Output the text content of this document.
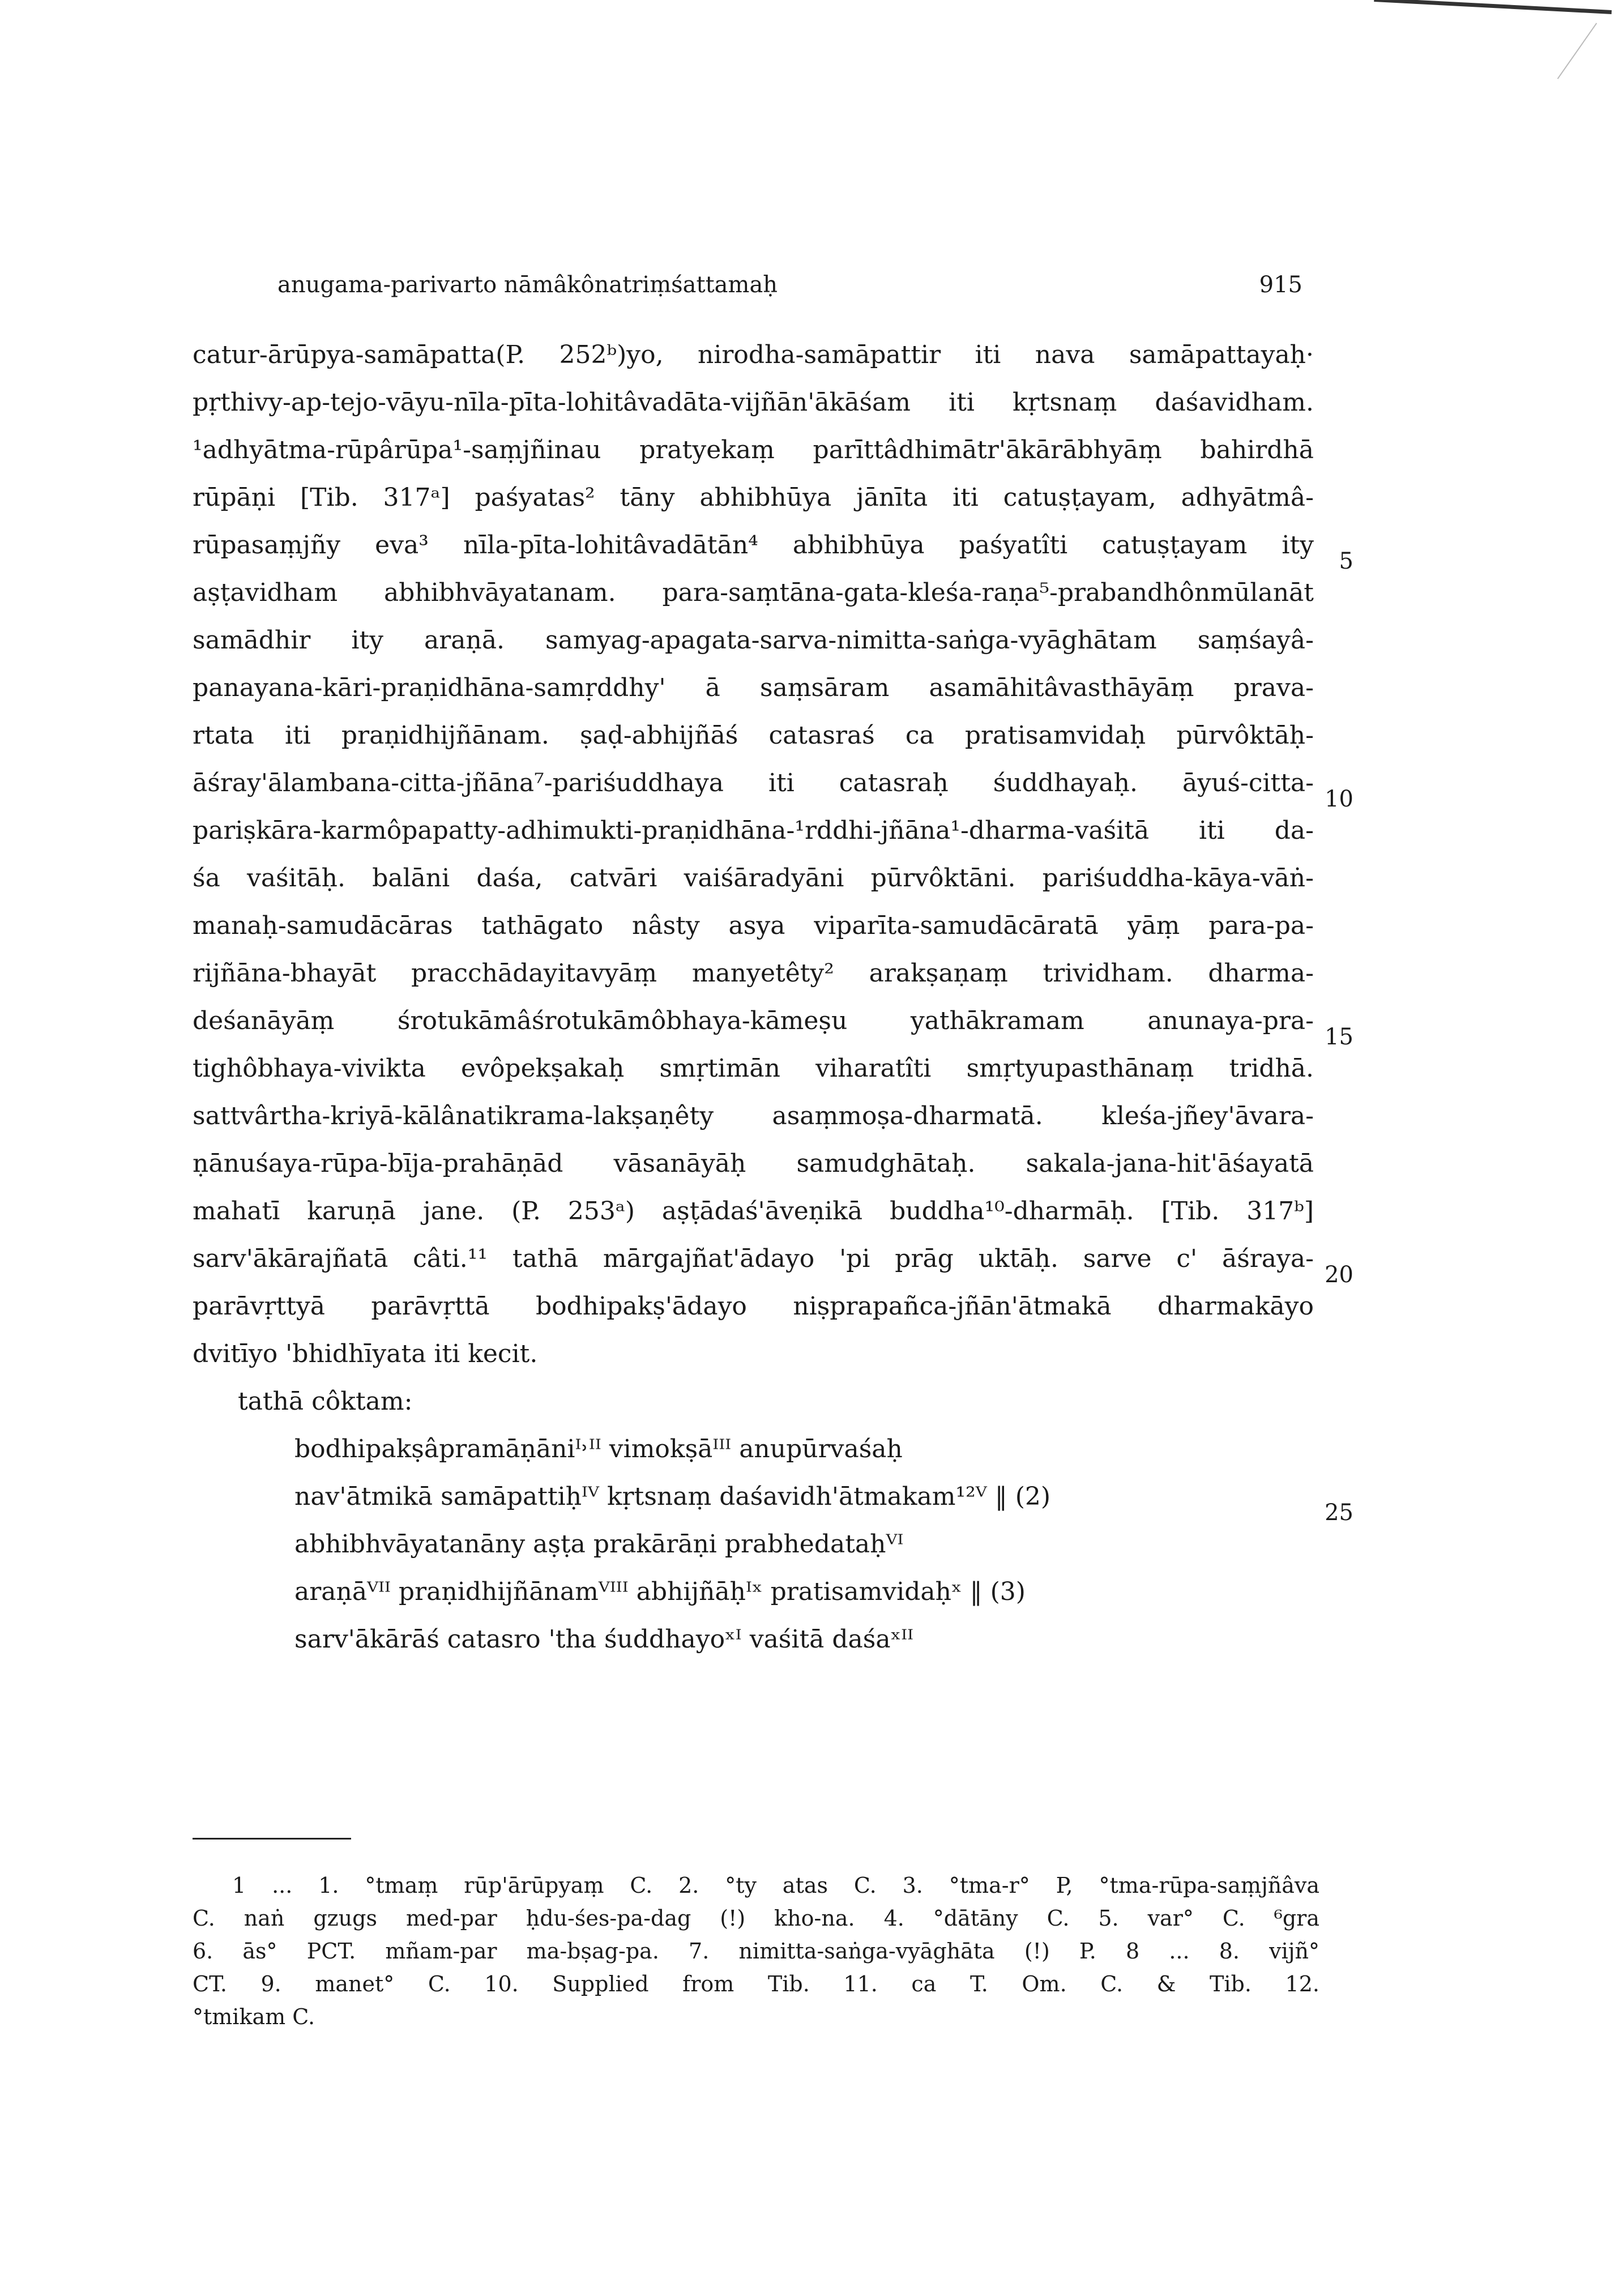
anugama-parivarto nāmâkônatriṃśattamaḥ	915
catur-ārūpya-samāpatta(P. 252ᵇ)yo, nirodha-samāpattir iti nava samāpattayaḥ·
pṛthivy-ap-tejo-vāyu-nīla-pīta-lohitâvadāta-vijñān'ākāśam iti kṛtsnaṃ daśavidham.
¹adhyātma-rūpârūpa¹-saṃjñinau pratyekaṃ parīttâdhimātr'ākārābhyāṃ bahirdhā
rūpāṇi [Tib. 317ᵃ] paśyatas² tāny abhibhūya jānīta iti catuṣṭayam, adhyātmâ-
rūpasaṃjñy eva³ nīla-pīta-lohitâvadātān⁴ abhibhūya paśyatîti catuṣṭayam ity
aṣṭavidham abhibhvāyatanam. para-saṃtāna-gata-kleśa-raṇa⁵-prabandhônmūlanāt
samādhir ity araṇā. samyag-apagata-sarva-nimitta-saṅga-vyāghātam saṃśayâ-
panayana-kāri-praṇidhāna-samṛddhy' ā saṃsāram asamāhitâvasthāyāṃ prava-
rtata iti praṇidhijñānam. ṣaḍ-abhijñāś catasraś ca pratisamvidaḥ pūrvôktāḥ-
āśray'ālambana-citta-jñāna⁷-pariśuddhaya iti catasraḥ śuddhayaḥ. āyuś-citta-
pariṣkāra-karmôpapatty-adhimukti-praṇidhāna-¹rddhi-jñāna¹-dharma-vaśitā iti da-
śa vaśitāḥ. balāni daśa, catvāri vaiśāradyāni pūrvôktāni. pariśuddha-kāya-vāṅ-
manaḥ-samudācāras tathāgato nâsty asya viparīta-samudācāratā yāṃ para-pa-
rijñāna-bhayāt pracchādayitavyāṃ manyetêty² arakṣaṇaṃ trividham. dharma-
deśanāyāṃ śrotukāmâśrotukāmôbhaya-kāmeṣu yathākramam anunaya-pra-
tighôbhaya-vivikta evôpekṣakaḥ smṛtimān viharatîti smṛtyupasthānaṃ tridhā.
sattvârtha-kriyā-kālânatikrama-lakṣaṇêty asaṃmoṣa-dharmatā. kleśa-jñey'āvara-
ṇānuśaya-rūpa-bīja-prahāṇād vāsanāyāḥ samudghātaḥ. sakala-jana-hit'āśayatā
mahatī karuṇā jane. (P. 253ᵃ) aṣṭādaś'āveṇikā buddha¹⁰-dharmāḥ. [Tib. 317ᵇ]
sarv'ākārajñatā câti.¹¹ tathā mārgajñat'ādayo 'pi prāg uktāḥ. sarve c' āśraya-
parāvṛttyā parāvṛttā bodhipakṣ'ādayo niṣprapañca-jñān'ātmakā dharmakāyo
dvitīyo 'bhidhīyata iti kecit.
tathā côktam:
bodhipakṣâpramāṇāniᴵ˒ᴵᴵ vimokṣāᴵᴵᴵ anupūrvaśaḥ
nav'ātmikā samāpattiḥᴵⱽ kṛtsnaṃ daśavidh'ātmakam¹²ⱽ ‖ (2)
abhibhvāyatanāny aṣṭa prakārāṇi prabhedataḥⱽᴵ
araṇāⱽᴵᴵ praṇidhijñānamⱽᴵᴵᴵ abhijñāḥᴵˣ pratisamvidaḥˣ ‖ (3)
sarv'ākārāś catasro 'tha śuddhayoˣᴵ vaśitā daśaˣᴵᴵ
5
10
15
20
25
1 ... 1. °tmaṃ rūp'ārūpyaṃ C. 2. °ty atas C. 3. °tma-r° P, °tma-rūpa-saṃjñâva
C. naṅ gzugs med-par ḥdu-śes-pa-dag (!) kho-na. 4. °dātāny C. 5. var° C. ⁶gra
6. ās° PCT. mñam-par ma-bṣag-pa. 7. nimitta-saṅga-vyāghāta (!) P. 8 ... 8. vijñ°
CT. 9. manet° C. 10. Supplied from Tib. 11. ca T. Om. C. & Tib. 12.
°tmikam C.
